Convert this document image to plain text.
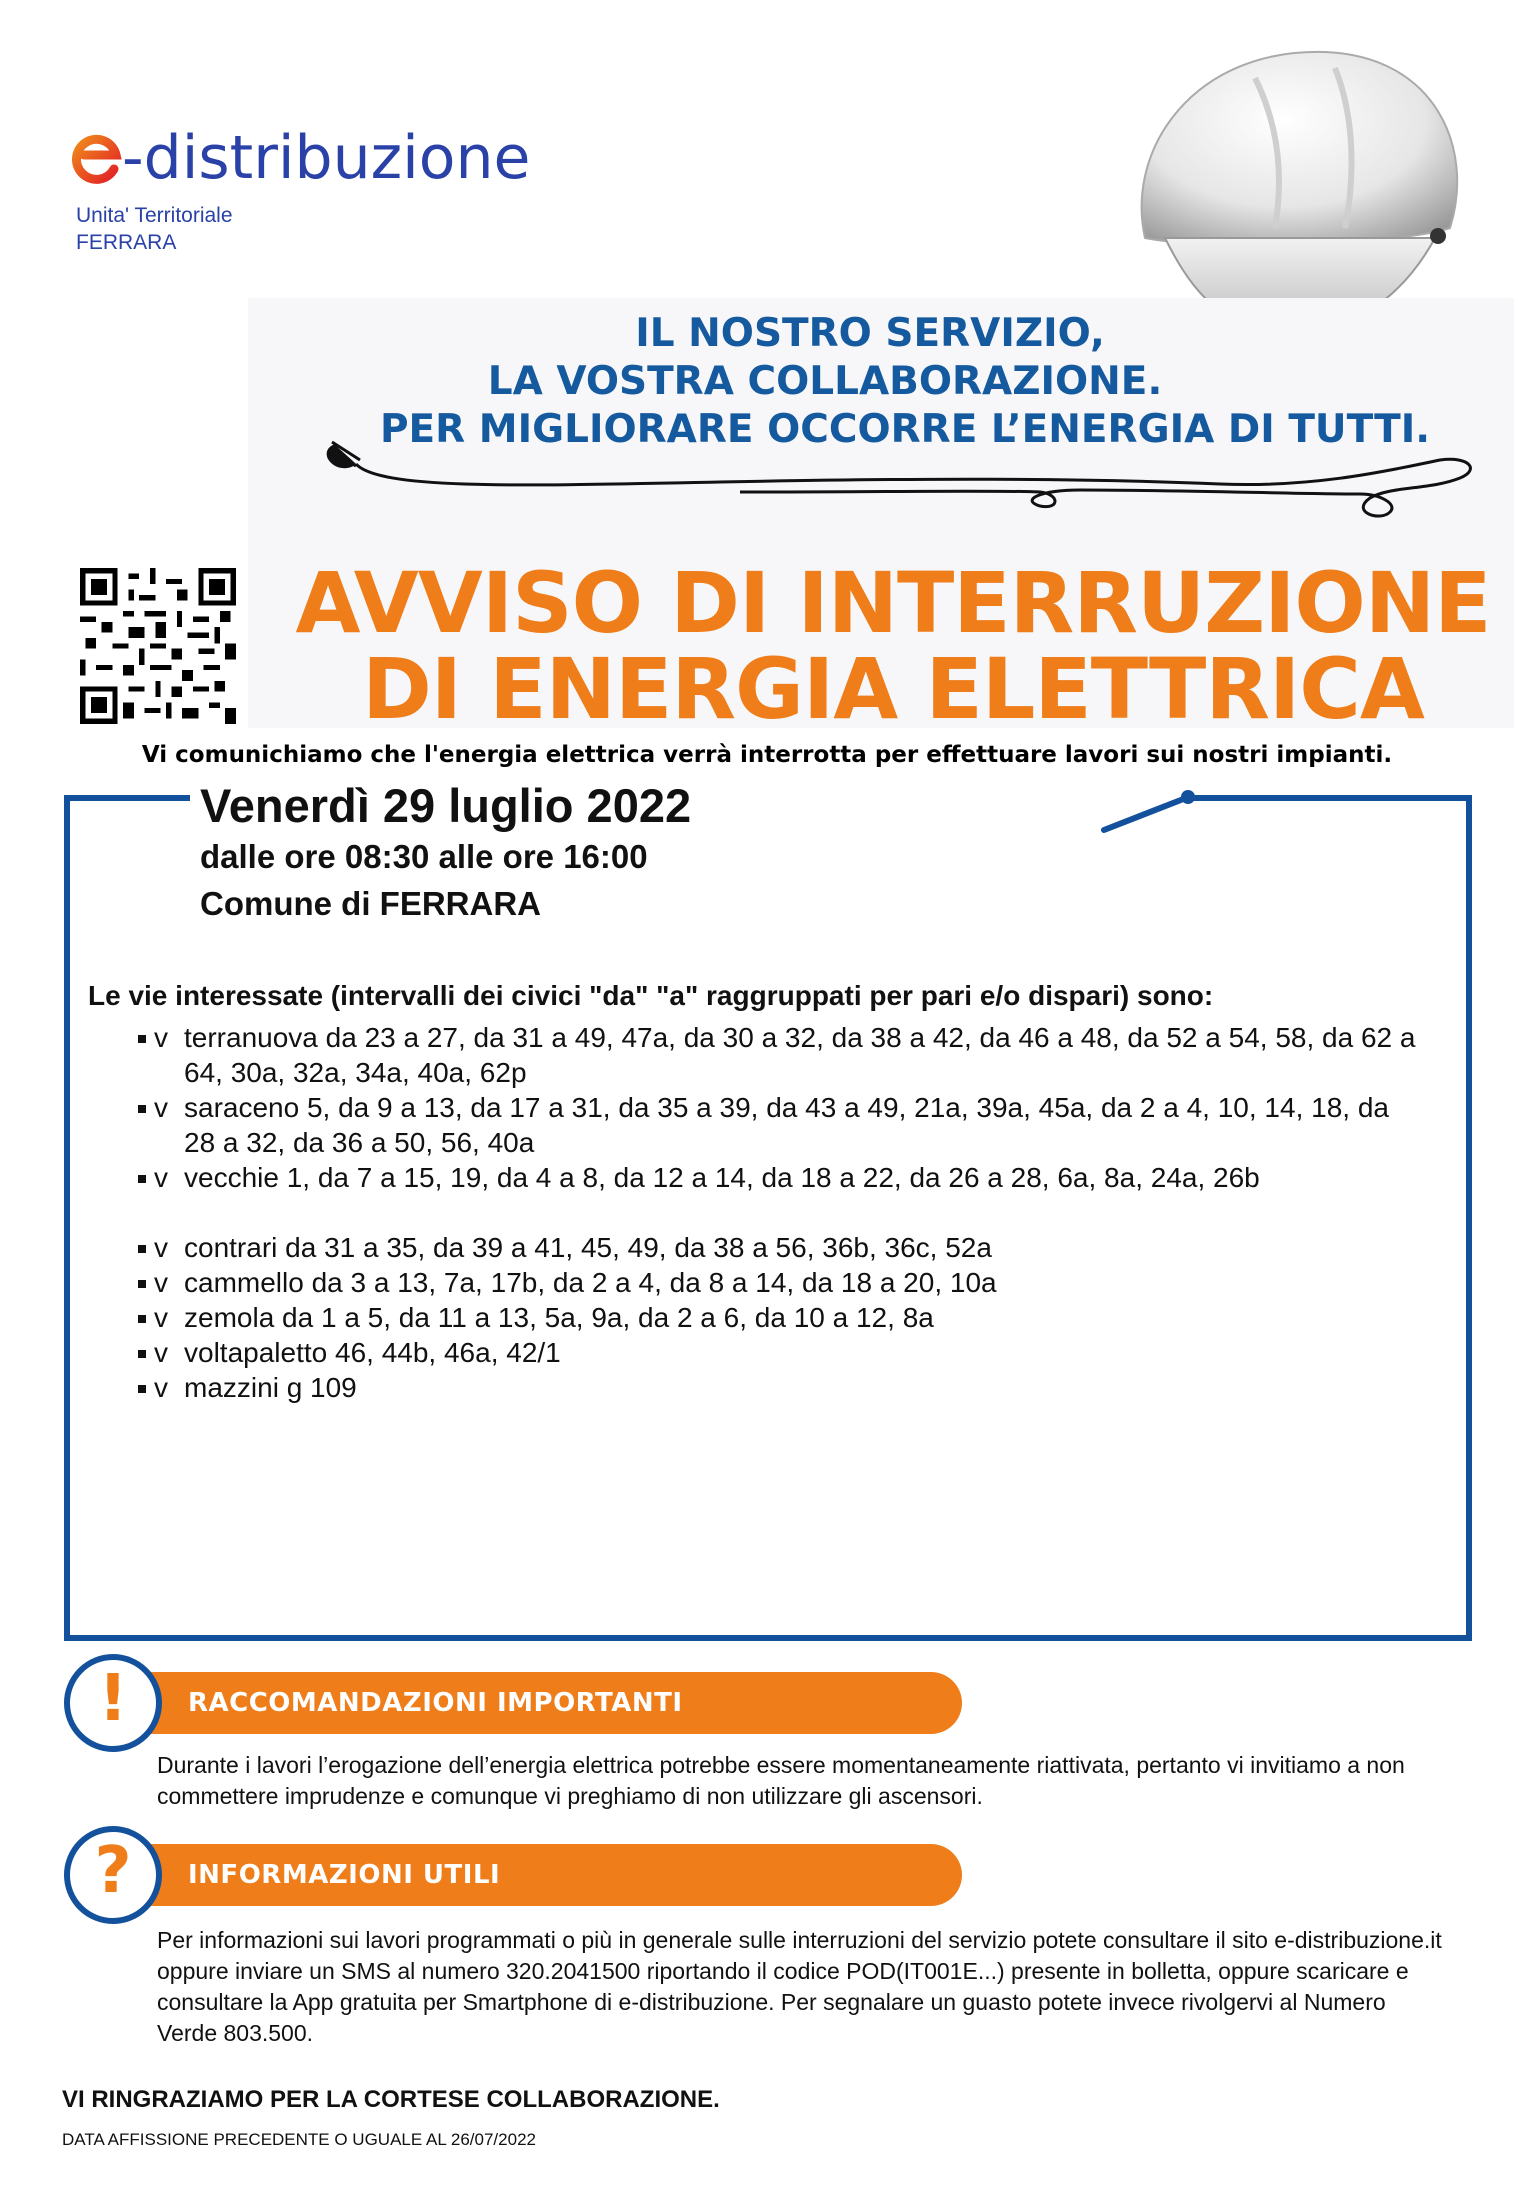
-distribuzione
Unita' Territoriale
FERRARA
IL NOSTRO SERVIZIO,
LA VOSTRA COLLABORAZIONE.
PER MIGLIORARE OCCORRE L’ENERGIA DI TUTTI.
AVVISO DI INTERRUZIONE
DI ENERGIA ELETTRICA
Vi comunichiamo che l'energia elettrica verrà interrotta per effettuare lavori sui nostri impianti.
Venerdì 29 luglio 2022
dalle ore 08:30 alle ore 16:00
Comune di FERRARA
Le vie interessate (intervalli dei civici "da" "a" raggruppati per pari e/o dispari) sono:
v terranuova da 23 a 27, da 31 a 49, 47a, da 30 a 32, da 38 a 42, da 46 a 48, da 52 a 54, 58, da 62 a 64, 30a, 32a, 34a, 40a, 62p
v saraceno 5, da 9 a 13, da 17 a 31, da 35 a 39, da 43 a 49, 21a, 39a, 45a, da 2 a 4, 10, 14, 18, da 28 a 32, da 36 a 50, 56, 40a
v vecchie 1, da 7 a 15, 19, da 4 a 8, da 12 a 14, da 18 a 22, da 26 a 28, 6a, 8a, 24a, 26b
v contrari da 31 a 35, da 39 a 41, 45, 49, da 38 a 56, 36b, 36c, 52a
v cammello da 3 a 13, 7a, 17b, da 2 a 4, da 8 a 14, da 18 a 20, 10a
v zemola da 1 a 5, da 11 a 13, 5a, 9a, da 2 a 6, da 10 a 12, 8a
v voltapaletto 46, 44b, 46a, 42/1
v mazzini g 109
RACCOMANDAZIONI IMPORTANTI
!
Durante i lavori l’erogazione dell’energia elettrica potrebbe essere momentaneamente riattivata, pertanto vi invitiamo a non commettere imprudenze e comunque vi preghiamo di non utilizzare gli ascensori.
INFORMAZIONI UTILI
?
Per informazioni sui lavori programmati o più in generale sulle interruzioni del servizio potete consultare il sito e-distribuzione.it oppure inviare un SMS al numero 320.2041500 riportando il codice POD(IT001E...) presente in bolletta, oppure scaricare e consultare la App gratuita per Smartphone di e-distribuzione. Per segnalare un guasto potete invece rivolgervi al Numero Verde 803.500.
VI RINGRAZIAMO PER LA CORTESE COLLABORAZIONE.
DATA AFFISSIONE PRECEDENTE O UGUALE AL 26/07/2022
